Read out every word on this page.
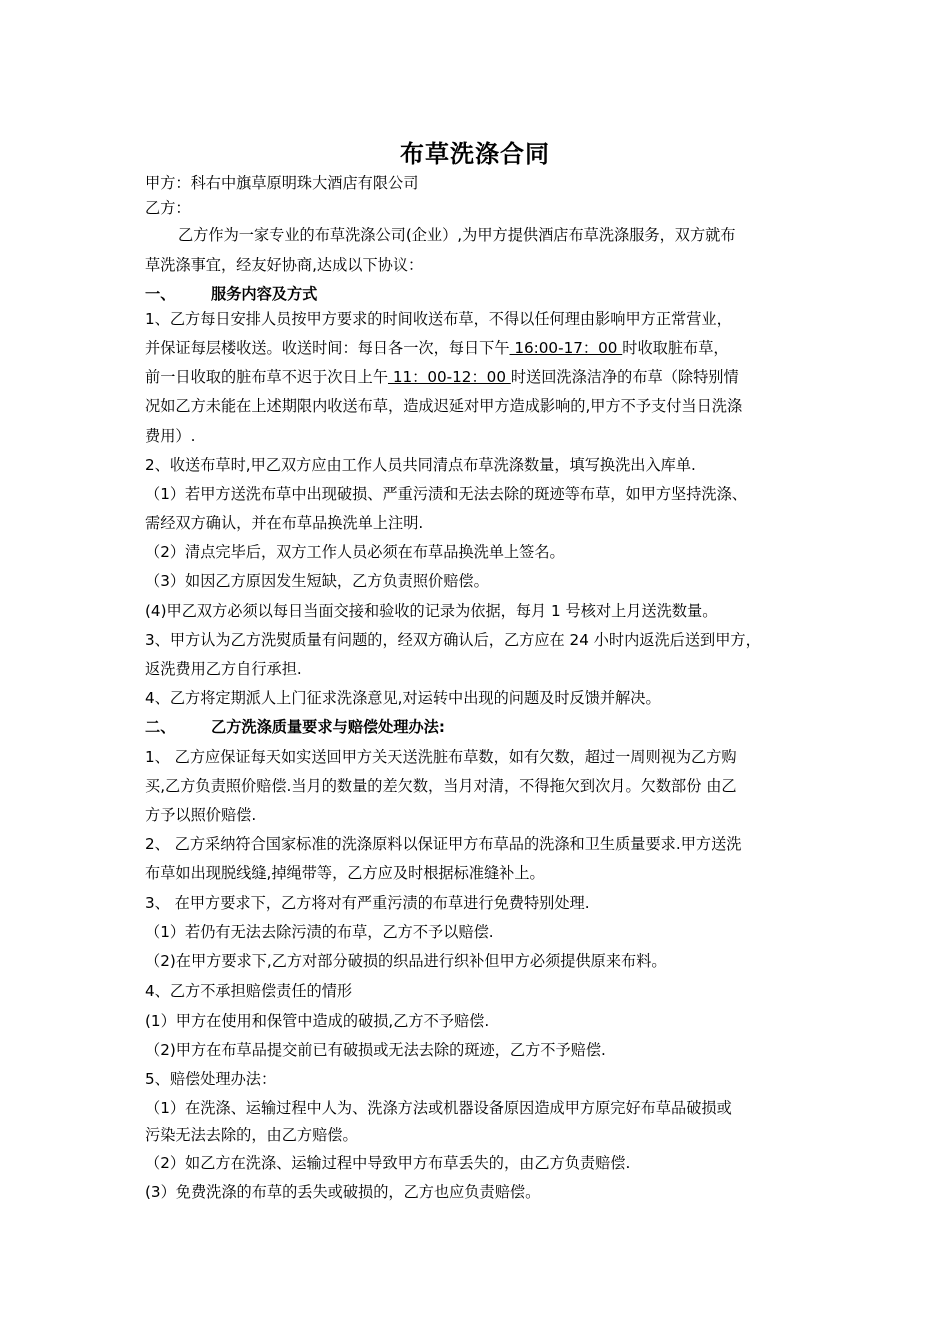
布草洗涤合同
甲方：科右中旗草原明珠大酒店有限公司
乙方：
乙方作为一家专业的布草洗涤公司(企业）,为甲方提供酒店布草洗涤服务，双方就布
草洗涤事宜，经友好协商,达成以下协议：
一、 服务内容及方式
1、乙方每日安排人员按甲方要求的时间收送布草，不得以任何理由影响甲方正常营业，
并保证每层楼收送。收送时间：每日各一次，每日下午 16:00-17：00 时收取脏布草，
前一日收取的脏布草不迟于次日上午 11：00-12：00 时送回洗涤洁净的布草（除特别情
况如乙方未能在上述期限内收送布草，造成迟延对甲方造成影响的,甲方不予支付当日洗涤
费用）.
2、收送布草时,甲乙双方应由工作人员共同清点布草洗涤数量，填写换洗出入库单.
（1）若甲方送洗布草中出现破损、严重污渍和无法去除的斑迹等布草，如甲方坚持洗涤、
需经双方确认，并在布草品换洗单上注明.
（2）清点完毕后，双方工作人员必须在布草品换洗单上签名。
（3）如因乙方原因发生短缺，乙方负责照价赔偿。
(4)甲乙双方必须以每日当面交接和验收的记录为依据，每月 1 号核对上月送洗数量。
3、甲方认为乙方洗熨质量有问题的，经双方确认后，乙方应在 24 小时内返洗后送到甲方，
返洗费用乙方自行承担.
4、乙方将定期派人上门征求洗涤意见,对运转中出现的问题及时反馈并解决。
二、 乙方洗涤质量要求与赔偿处理办法:
1、 乙方应保证每天如实送回甲方关天送洗脏布草数，如有欠数，超过一周则视为乙方购
买,乙方负责照价赔偿.当月的数量的差欠数，当月对清，不得拖欠到次月。欠数部份 由乙
方予以照价赔偿.
2、 乙方采纳符合国家标准的洗涤原料以保证甲方布草品的洗涤和卫生质量要求.甲方送洗
布草如出现脱线缝,掉绳带等，乙方应及时根据标准缝补上。
3、 在甲方要求下，乙方将对有严重污渍的布草进行免费特别处理.
（1）若仍有无法去除污渍的布草，乙方不予以赔偿.
（2)在甲方要求下,乙方对部分破损的织品进行织补但甲方必须提供原来布料。
4、乙方不承担赔偿责任的情形
(1）甲方在使用和保管中造成的破损,乙方不予赔偿.
（2)甲方在布草品提交前已有破损或无法去除的斑迹，乙方不予赔偿.
5、赔偿处理办法：
（1）在洗涤、运输过程中人为、洗涤方法或机器设备原因造成甲方原完好布草品破损或
污染无法去除的，由乙方赔偿。
（2）如乙方在洗涤、运输过程中导致甲方布草丢失的，由乙方负责赔偿.
(3）免费洗涤的布草的丢失或破损的，乙方也应负责赔偿。
